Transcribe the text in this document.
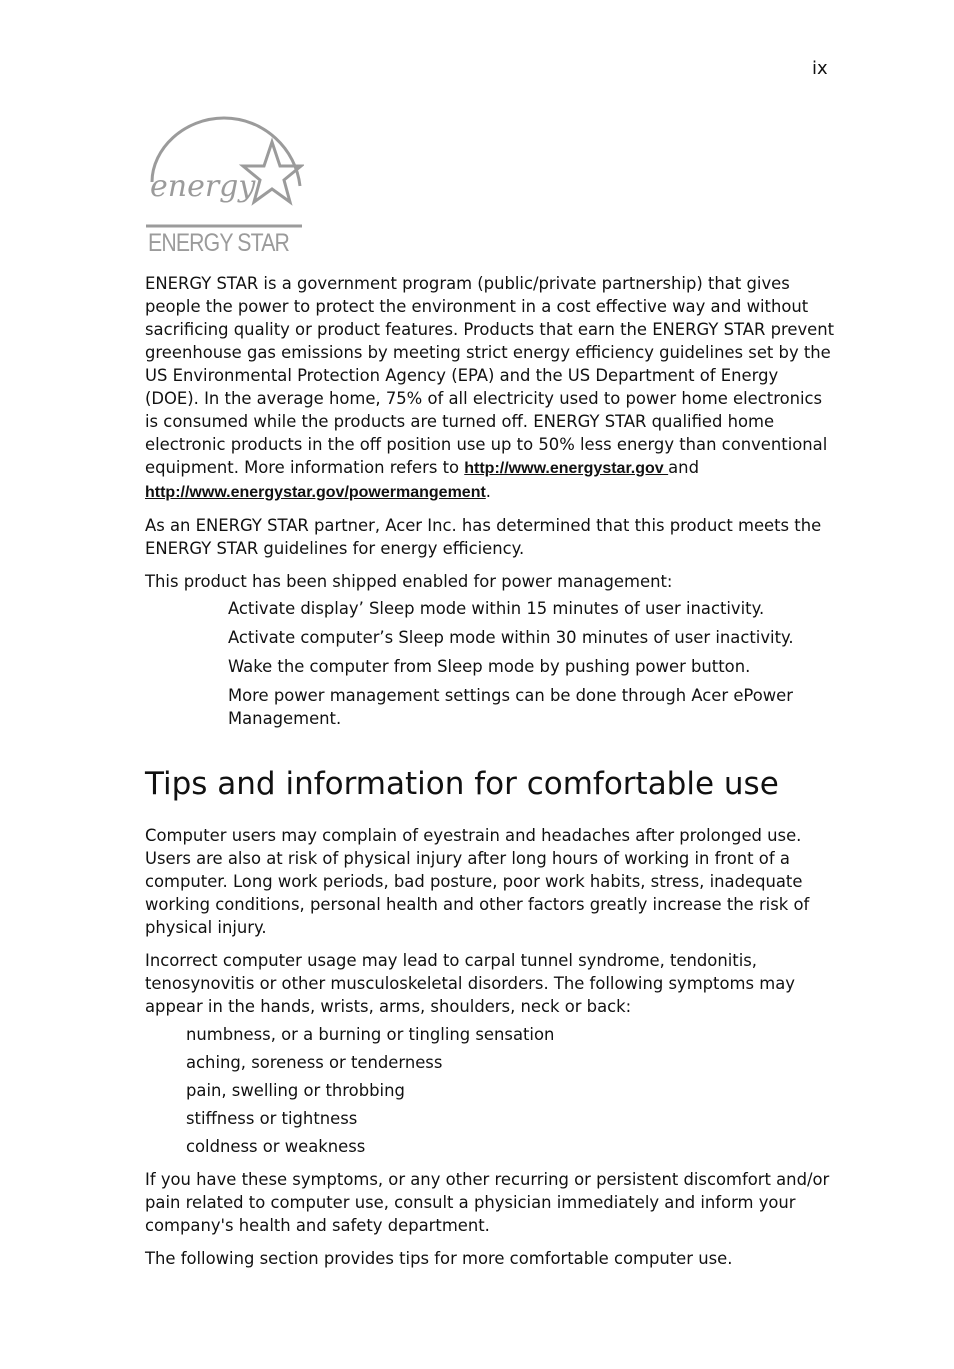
ix
energy
ENERGY STAR

ENERGY STAR is a government program (public/private partnership) that gives people the power to protect the environment in a cost effective way and without sacrificing quality or product features. Products that earn the ENERGY STAR prevent greenhouse gas emissions by meeting strict energy efficiency guidelines set by the US Environmental Protection Agency (EPA) and the US Department of Energy (DOE). In the average home, 75% of all electricity used to power home electronics is consumed while the products are turned off. ENERGY STAR qualified home electronic products in the off position use up to 50% less energy than conventional equipment. More information refers to http://www.energystar.gov and http://www.energystar.gov/powermangement.

As an ENERGY STAR partner, Acer Inc. has determined that this product meets the ENERGY STAR guidelines for energy efficiency.

This product has been shipped enabled for power management:

Activate display’ Sleep mode within 15 minutes of user inactivity.
Activate computer’s Sleep mode within 30 minutes of user inactivity.
Wake the computer from Sleep mode by pushing power button.
More power management settings can be done through Acer ePower Management.
Tips and information for comfortable use

Computer users may complain of eyestrain and headaches after prolonged use. Users are also at risk of physical injury after long hours of working in front of a computer. Long work periods, bad posture, poor work habits, stress, inadequate working conditions, personal health and other factors greatly increase the risk of physical injury.

Incorrect computer usage may lead to carpal tunnel syndrome, tendonitis, tenosynovitis or other musculoskeletal disorders. The following symptoms may appear in the hands, wrists, arms, shoulders, neck or back:

numbness, or a burning or tingling sensation
aching, soreness or tenderness
pain, swelling or throbbing
stiffness or tightness
coldness or weakness

If you have these symptoms, or any other recurring or persistent discomfort and/or pain related to computer use, consult a physician immediately and inform your company's health and safety department.

The following section provides tips for more comfortable computer use.
